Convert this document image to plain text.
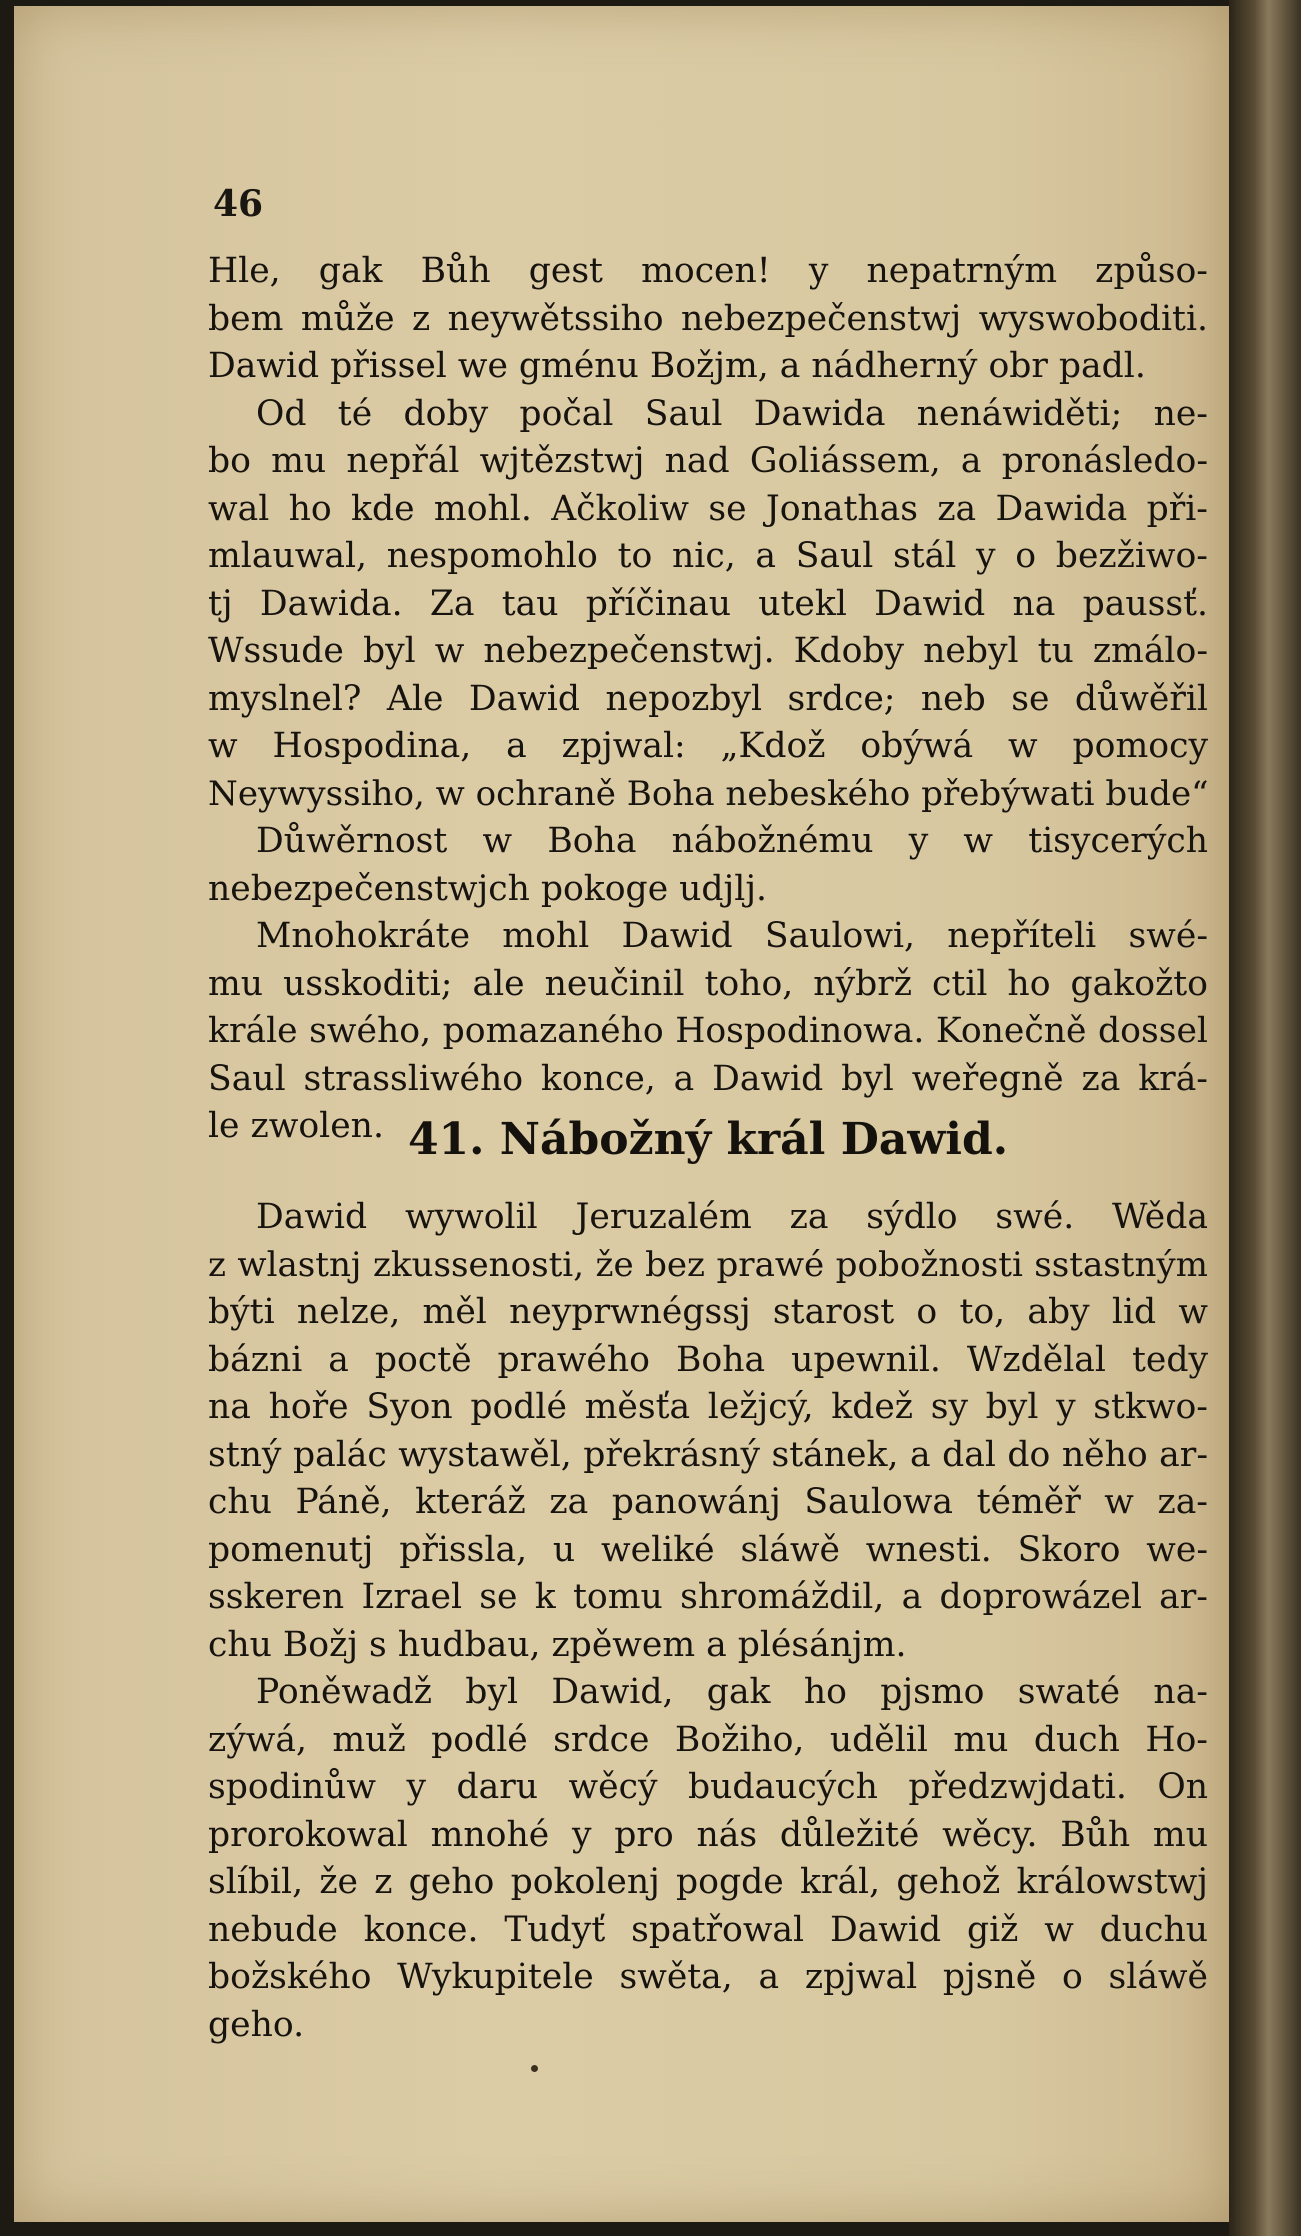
46
Hle, gak Bůh gest mocen! y nepatrným způso-
bem může z neywětssiho nebezpečenstwj wyswoboditi.
Dawid přissel we gménu Božjm, a nádherný obr padl.
Od té doby počal Saul Dawida nenáwiděti; ne-
bo mu nepřál wjtězstwj nad Goliássem, a pronásledo-
wal ho kde mohl. Ačkoliw se Jonathas za Dawida při-
mlauwal, nespomohlo to nic, a Saul stál y o bezžiwo-
tj Dawida. Za tau příčinau utekl Dawid na paussť.
Wssude byl w nebezpečenstwj. Kdoby nebyl tu zmálo-
myslnel? Ale Dawid nepozbyl srdce; neb se důwěřil
w Hospodina, a zpjwal: „Kdož obýwá w pomocy
Neywyssiho, w ochraně Boha nebeského přebýwati bude“
Důwěrnost w Boha nábožnému y w tisycerých
nebezpečenstwjch pokoge udjlj.
Mnohokráte mohl Dawid Saulowi, nepříteli swé-
mu usskoditi; ale neučinil toho, nýbrž ctil ho gakožto
krále swého, pomazaného Hospodinowa. Konečně dossel
Saul strassliwého konce, a Dawid byl weřegně za krá-
le zwolen. 41. Nábožný král Dawid.
Dawid wywolil Jeruzalém za sýdlo swé. Wěda
z wlastnj zkussenosti, že bez prawé pobožnosti sstastným
býti nelze, měl neyprwnégssj starost o to, aby lid w
bázni a poctě prawého Boha upewnil. Wzdělal tedy
na hoře Syon podlé měsťa ležjcý, kdež sy byl y stkwo-
stný palác wystawěl, překrásný stánek, a dal do něho ar-
chu Páně, kteráž za panowánj Saulowa téměř w za-
pomenutj přissla, u weliké sláwě wnesti. Skoro we-
sskeren Izrael se k tomu shromáždil, a doprowázel ar-
chu Božj s hudbau, zpěwem a plésánjm.
Poněwadž byl Dawid, gak ho pjsmo swaté na-
zýwá, muž podlé srdce Božiho, udělil mu duch Ho-
spodinůw y daru wěcý budaucých předzwjdati. On
prorokowal mnohé y pro nás důležité wěcy. Bůh mu
slíbil, že z geho pokolenj pogde král, gehož králowstwj
nebude konce. Tudyť spatřowal Dawid giž w duchu
božského Wykupitele swěta, a zpjwal pjsně o sláwě
geho.
